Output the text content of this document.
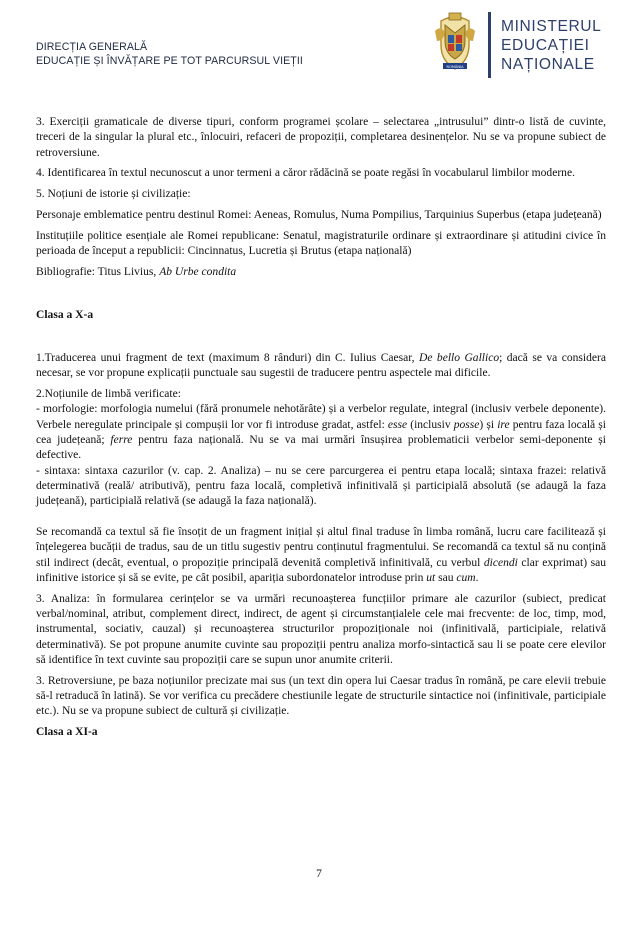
DIRECȚIA GENERALĂ
EDUCAȚIE ȘI ÎNVĂȚARE PE TOT PARCURSUL VIEȚII	ROMÂNIA
MINISTERUL
EDUCAȚIEI
NAȚIONALE

3. Exerciții gramaticale de diverse tipuri, conform programei școlare – selectarea „intrusului” dintr-o listă de cuvinte, treceri de la singular la plural etc., înlocuiri, refaceri de propoziții, completarea desinențelor. Nu se va propune subiect de retroversiune.

4. Identificarea în textul necunoscut a unor termeni a căror rădăcină se poate regăsi în vocabularul limbilor moderne.

5. Noțiuni de istorie și civilizație:

Personaje emblematice pentru destinul Romei: Aeneas, Romulus, Numa Pompilius, Tarquinius Superbus (etapa județeană)

Instituțiile politice esențiale ale Romei republicane: Senatul, magistraturile ordinare și extraordinare și atitudini civice în perioada de început a republicii: Cincinnatus, Lucretia și Brutus (etapa națională)

Bibliografie: Titus Livius, Ab Urbe condita

Clasa a X-a

1.Traducerea unui fragment de text (maximum 8 rânduri) din C. Iulius Caesar, De bello Gallico; dacă se va considera necesar, se vor propune explicații punctuale sau sugestii de traducere pentru aspectele mai dificile.

2.Noțiunile de limbă verificate:

- morfologie: morfologia numelui (fără pronumele nehotărâte) și a verbelor regulate, integral (inclusiv verbele deponente). Verbele neregulate principale și compușii lor vor fi introduse gradat, astfel: esse (inclusiv posse) și ire pentru faza locală și cea județeană; ferre pentru faza națională. Nu se va mai urmări însușirea problematicii verbelor semi-deponente și defective.

- sintaxa: sintaxa cazurilor (v. cap. 2. Analiza) – nu se cere parcurgerea ei pentru etapa locală; sintaxa frazei: relativă determinativă (reală/ atributivă), pentru faza locală, completivă infinitivală și participială absolută (se adaugă la faza județeană), participială relativă (se adaugă la faza națională).

Se recomandă ca textul să fie însoțit de un fragment inițial și altul final traduse în limba română, lucru care facilitează și înțelegerea bucății de tradus, sau de un titlu sugestiv pentru conținutul fragmentului. Se recomandă ca textul să nu conțină stil indirect (decât, eventual, o propoziție principală devenită completivă infinitivală, cu verbul dicendi clar exprimat) sau infinitive istorice și să se evite, pe cât posibil, apariția subordonatelor introduse prin ut sau cum.

3. Analiza: în formularea cerințelor se va urmări recunoașterea funcțiilor primare ale cazurilor (subiect, predicat verbal/nominal, atribut, complement direct, indirect, de agent și circumstanțialele cele mai frecvente: de loc, timp, mod, instrumental, sociativ, cauzal) și recunoașterea structurilor propoziționale noi (infinitivală, participiale, relativă determinativă). Se pot propune anumite cuvinte sau propoziții pentru analiza morfo-sintactică sau li se poate cere elevilor să identifice în text cuvinte sau propoziții care se supun unor anumite criterii.

3. Retroversiune, pe baza noțiunilor precizate mai sus (un text din opera lui Caesar tradus în română, pe care elevii trebuie să-l retraducă în latină). Se vor verifica cu precădere chestiunile legate de structurile sintactice noi (infinitivale, participiale etc.). Nu se va propune subiect de cultură și civilizație.

Clasa a XI-a

7
